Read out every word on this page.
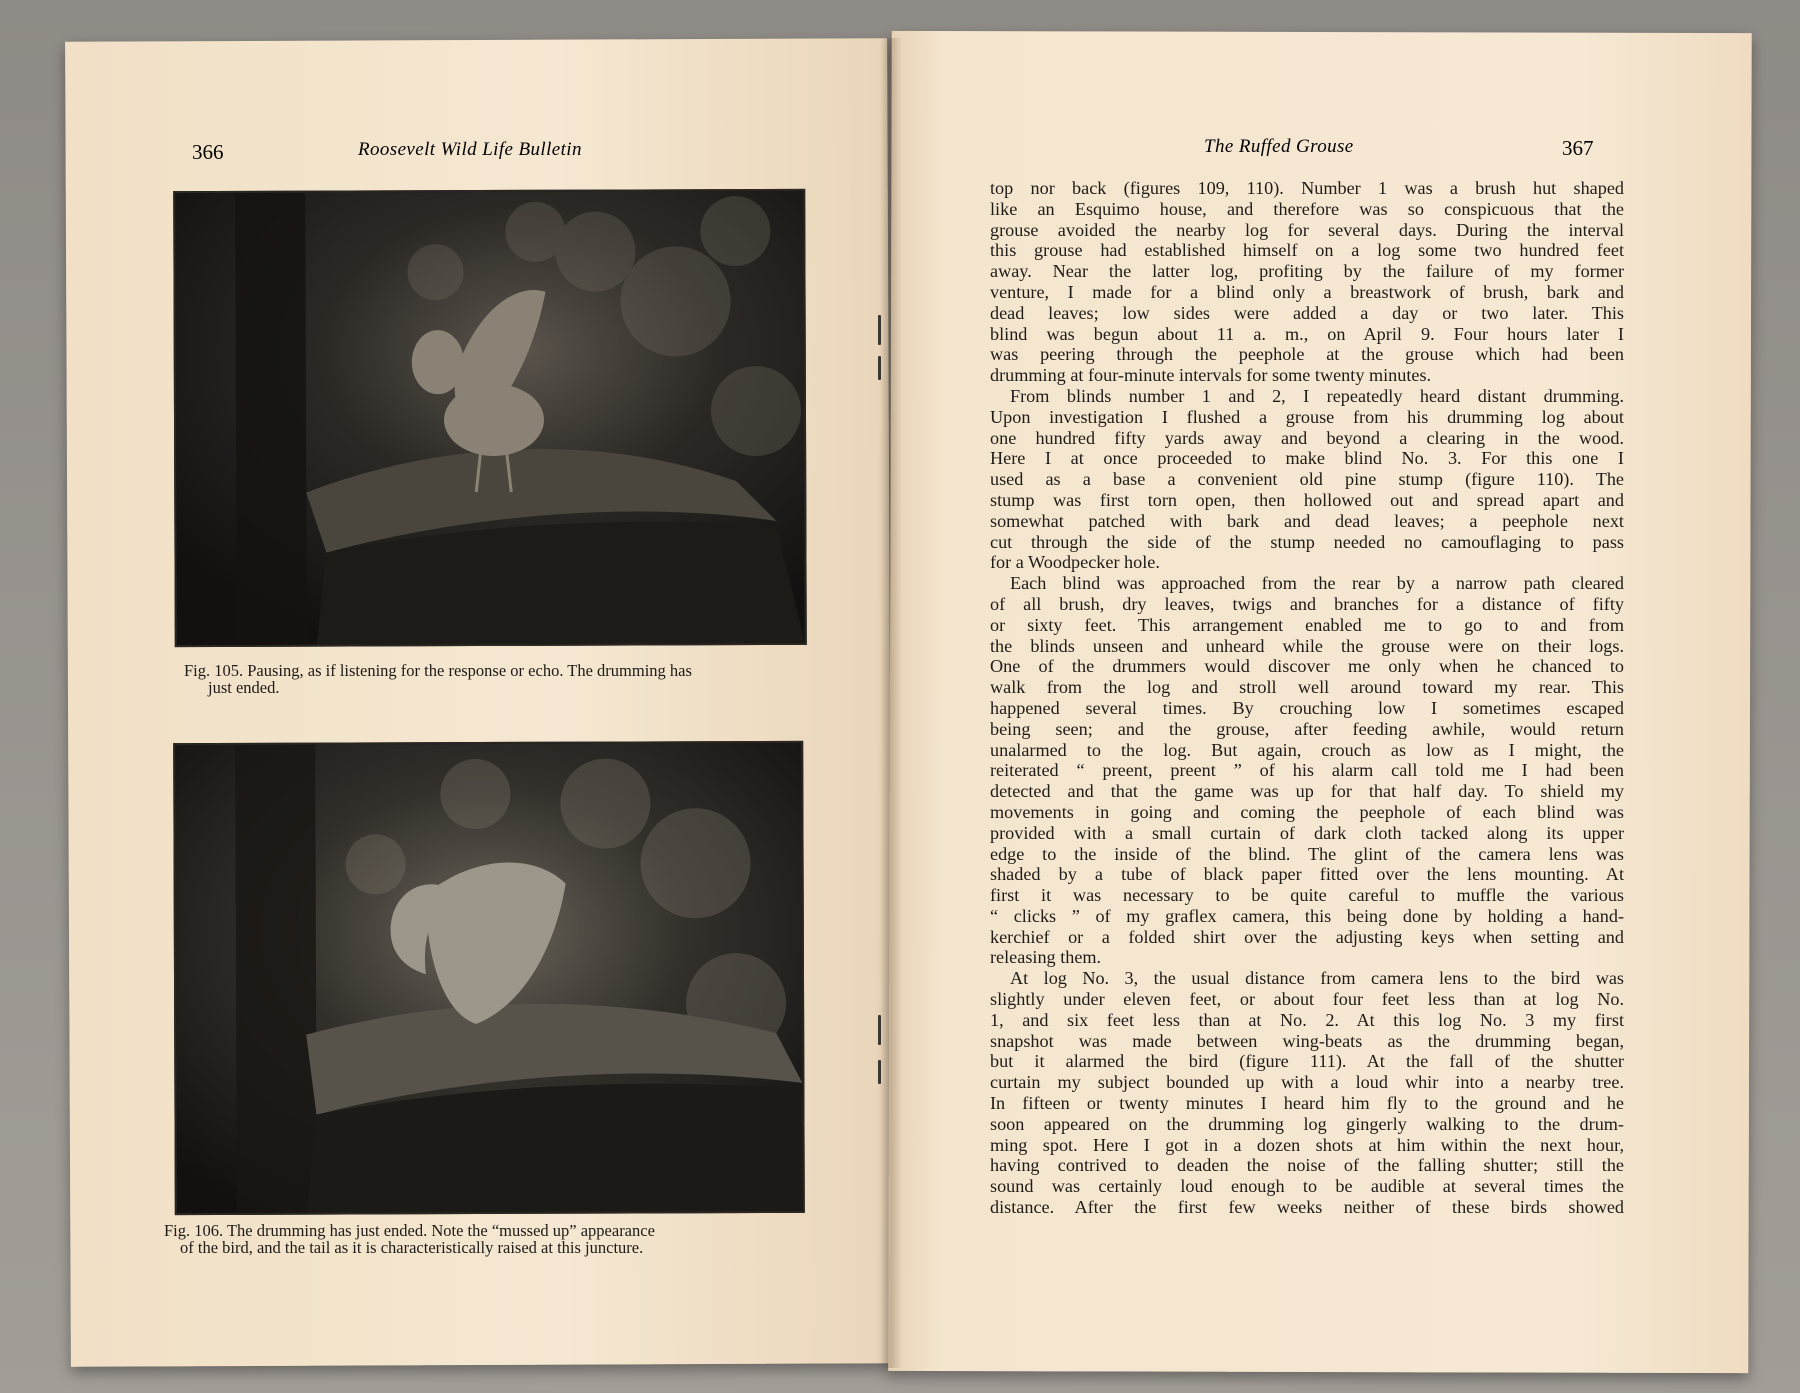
366	Roosevelt Wild Life Bulletin
Fig. 105. Pausing, as if listening for the response or echo. The drumming has
just ended.
Fig. 106. The drumming has just ended. Note the “mussed up” appearance
of the bird, and the tail as it is characteristically raised at this juncture.
The Ruffed Grouse	367
top nor back (figures 109, 110). Number 1 was a brush hut shaped
like an Esquimo house, and therefore was so conspicuous that the
grouse avoided the nearby log for several days. During the interval
this grouse had established himself on a log some two hundred feet
away. Near the latter log, profiting by the failure of my former
venture, I made for a blind only a breastwork of brush, bark and
dead leaves; low sides were added a day or two later. This
blind was begun about 11 a. m., on April 9. Four hours later I
was peering through the peephole at the grouse which had been
drumming at four-minute intervals for some twenty minutes.
From blinds number 1 and 2, I repeatedly heard distant drumming.
Upon investigation I flushed a grouse from his drumming log about
one hundred fifty yards away and beyond a clearing in the wood.
Here I at once proceeded to make blind No. 3. For this one I
used as a base a convenient old pine stump (figure 110). The
stump was first torn open, then hollowed out and spread apart and
somewhat patched with bark and dead leaves; a peephole next
cut through the side of the stump needed no camouflaging to pass
for a Woodpecker hole.
Each blind was approached from the rear by a narrow path cleared
of all brush, dry leaves, twigs and branches for a distance of fifty
or sixty feet. This arrangement enabled me to go to and from
the blinds unseen and unheard while the grouse were on their logs.
One of the drummers would discover me only when he chanced to
walk from the log and stroll well around toward my rear. This
happened several times. By crouching low I sometimes escaped
being seen; and the grouse, after feeding awhile, would return
unalarmed to the log. But again, crouch as low as I might, the
reiterated “ preent, preent ” of his alarm call told me I had been
detected and that the game was up for that half day. To shield my
movements in going and coming the peephole of each blind was
provided with a small curtain of dark cloth tacked along its upper
edge to the inside of the blind. The glint of the camera lens was
shaded by a tube of black paper fitted over the lens mounting. At
first it was necessary to be quite careful to muffle the various
“ clicks ” of my graflex camera, this being done by holding a hand-
kerchief or a folded shirt over the adjusting keys when setting and
releasing them.
At log No. 3, the usual distance from camera lens to the bird was
slightly under eleven feet, or about four feet less than at log No.
1, and six feet less than at No. 2. At this log No. 3 my first
snapshot was made between wing-beats as the drumming began,
but it alarmed the bird (figure 111). At the fall of the shutter
curtain my subject bounded up with a loud whir into a nearby tree.
In fifteen or twenty minutes I heard him fly to the ground and he
soon appeared on the drumming log gingerly walking to the drum-
ming spot. Here I got in a dozen shots at him within the next hour,
having contrived to deaden the noise of the falling shutter; still the
sound was certainly loud enough to be audible at several times the
distance. After the first few weeks neither of these birds showed
